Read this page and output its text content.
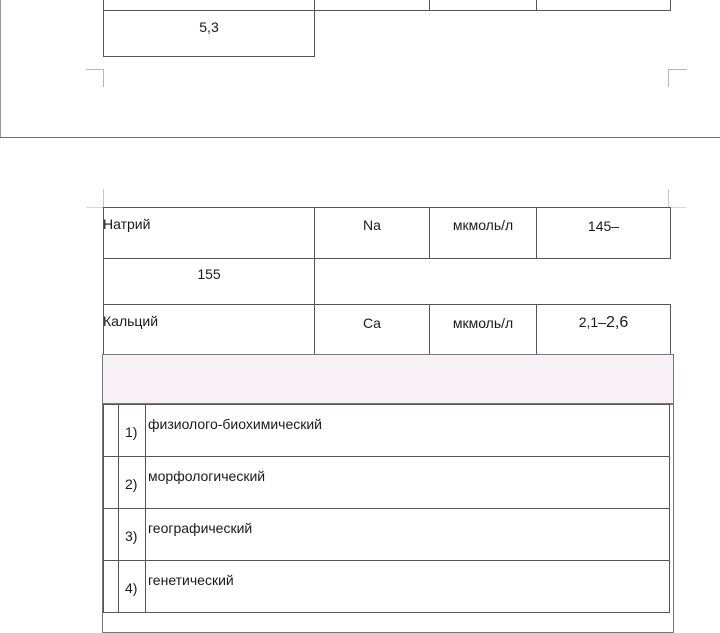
5,3
Натрий	Na	мкмоль/л	145–
155
Кальций	Ca	мкмоль/л	2,1–2,6
1) физиолого-биохимический
2) морфологический
3) географический
4) генетический
